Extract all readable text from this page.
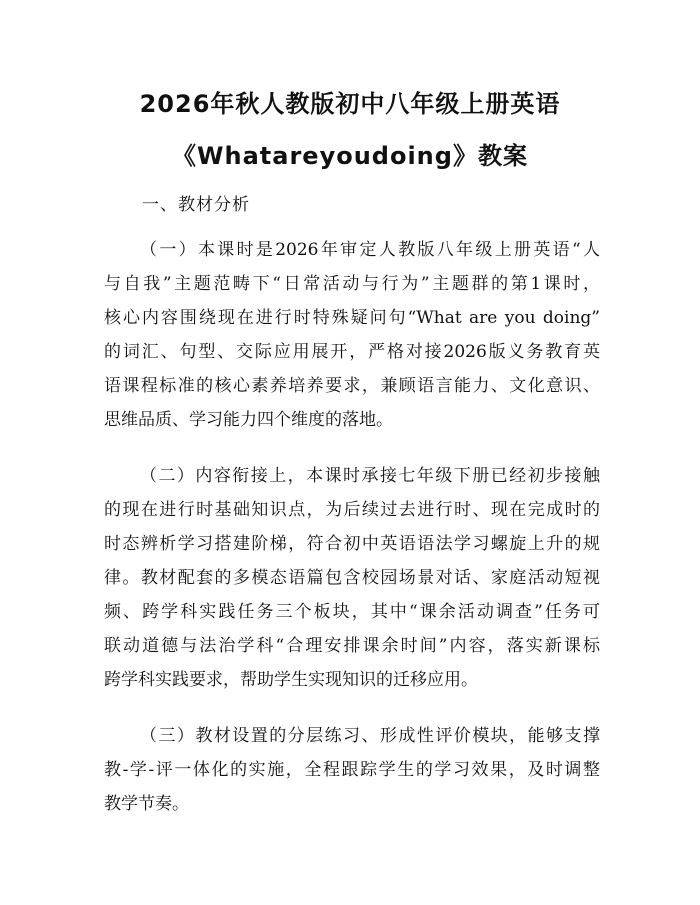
2026年秋人教版初中八年级上册英语
《Whatareyoudoing》教案
一、教材分析
（一）本课时是2026年审定人教版八年级上册英语“人
与自我”主题范畴下“日常活动与行为”主题群的第1课时，
核心内容围绕现在进行时特殊疑问句“What are you doing”
的词汇、句型、交际应用展开，严格对接2026版义务教育英
语课程标准的核心素养培养要求，兼顾语言能力、文化意识、
思维品质、学习能力四个维度的落地。
（二）内容衔接上，本课时承接七年级下册已经初步接触
的现在进行时基础知识点，为后续过去进行时、现在完成时的
时态辨析学习搭建阶梯，符合初中英语语法学习螺旋上升的规
律。教材配套的多模态语篇包含校园场景对话、家庭活动短视
频、跨学科实践任务三个板块，其中“课余活动调查”任务可
联动道德与法治学科“合理安排课余时间”内容，落实新课标
跨学科实践要求，帮助学生实现知识的迁移应用。
（三）教材设置的分层练习、形成性评价模块，能够支撑
教-学-评一体化的实施，全程跟踪学生的学习效果，及时调整
教学节奏。
